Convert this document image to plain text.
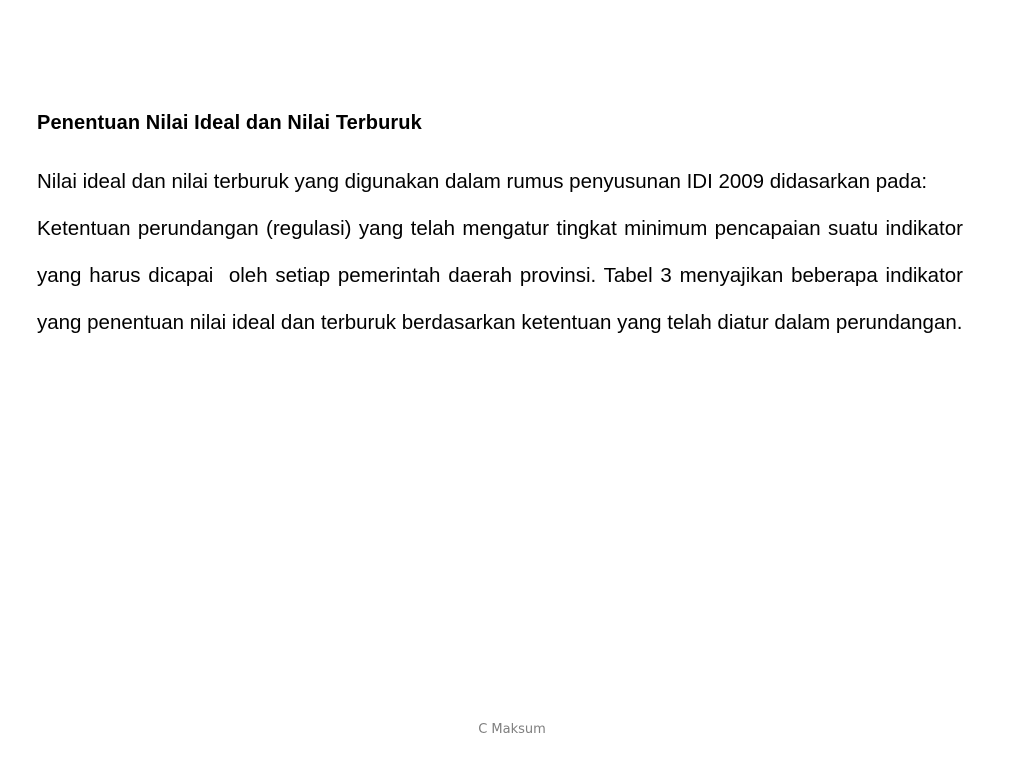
Penentuan Nilai Ideal dan Nilai Terburuk

Nilai ideal dan nilai terburuk yang digunakan dalam rumus penyusunan IDI 2009 didasarkan pada:

Ketentuan perundangan (regulasi) yang telah mengatur tingkat minimum pencapaian suatu indikator yang harus dicapai  oleh setiap pemerintah daerah provinsi. Tabel 3 menyajikan beberapa indikator yang penentuan nilai ideal dan terburuk berdasarkan ketentuan yang telah diatur dalam perundangan.

C Maksum
